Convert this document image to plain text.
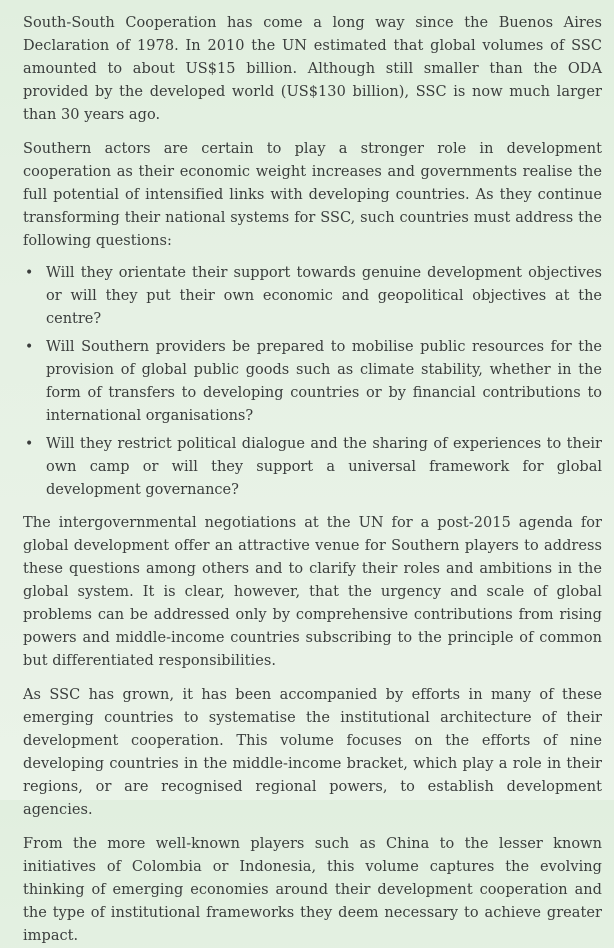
South-South Cooperation has come a long way since the Buenos Aires Declaration of 1978. In 2010 the UN estimated that global volumes of SSC amounted to about US$15 billion. Although still smaller than the ODA provided by the developed world (US$130 billion), SSC is now much larger than 30 years ago.

Southern actors are certain to play a stronger role in development cooperation as their economic weight increases and governments realise the full potential of intensified links with developing countries. As they continue transforming their national systems for SSC, such countries must address the following questions:

• Will they orientate their support towards genuine development objectives or will they put their own economic and geopolitical objectives at the centre?
• Will Southern providers be prepared to mobilise public resources for the provision of global public goods such as climate stability, whether in the form of transfers to developing countries or by financial contributions to international organisations?
• Will they restrict political dialogue and the sharing of experiences to their own camp or will they support a universal framework for global development governance?

The intergovernmental negotiations at the UN for a post-2015 agenda for global development offer an attractive venue for Southern players to address these questions among others and to clarify their roles and ambitions in the global system. It is clear, however, that the urgency and scale of global problems can be addressed only by comprehensive contributions from rising powers and middle-income countries subscribing to the principle of common but differentiated responsibilities.

As SSC has grown, it has been accompanied by efforts in many of these emerging countries to systematise the institutional architecture of their development cooperation. This volume focuses on the efforts of nine developing countries in the middle-income bracket, which play a role in their regions, or are recognised regional powers, to establish development agencies.

From the more well-known players such as China to the lesser known initiatives of Colombia or Indonesia, this volume captures the evolving thinking of emerging economies around their development cooperation and the type of institutional frameworks they deem necessary to achieve greater impact.
